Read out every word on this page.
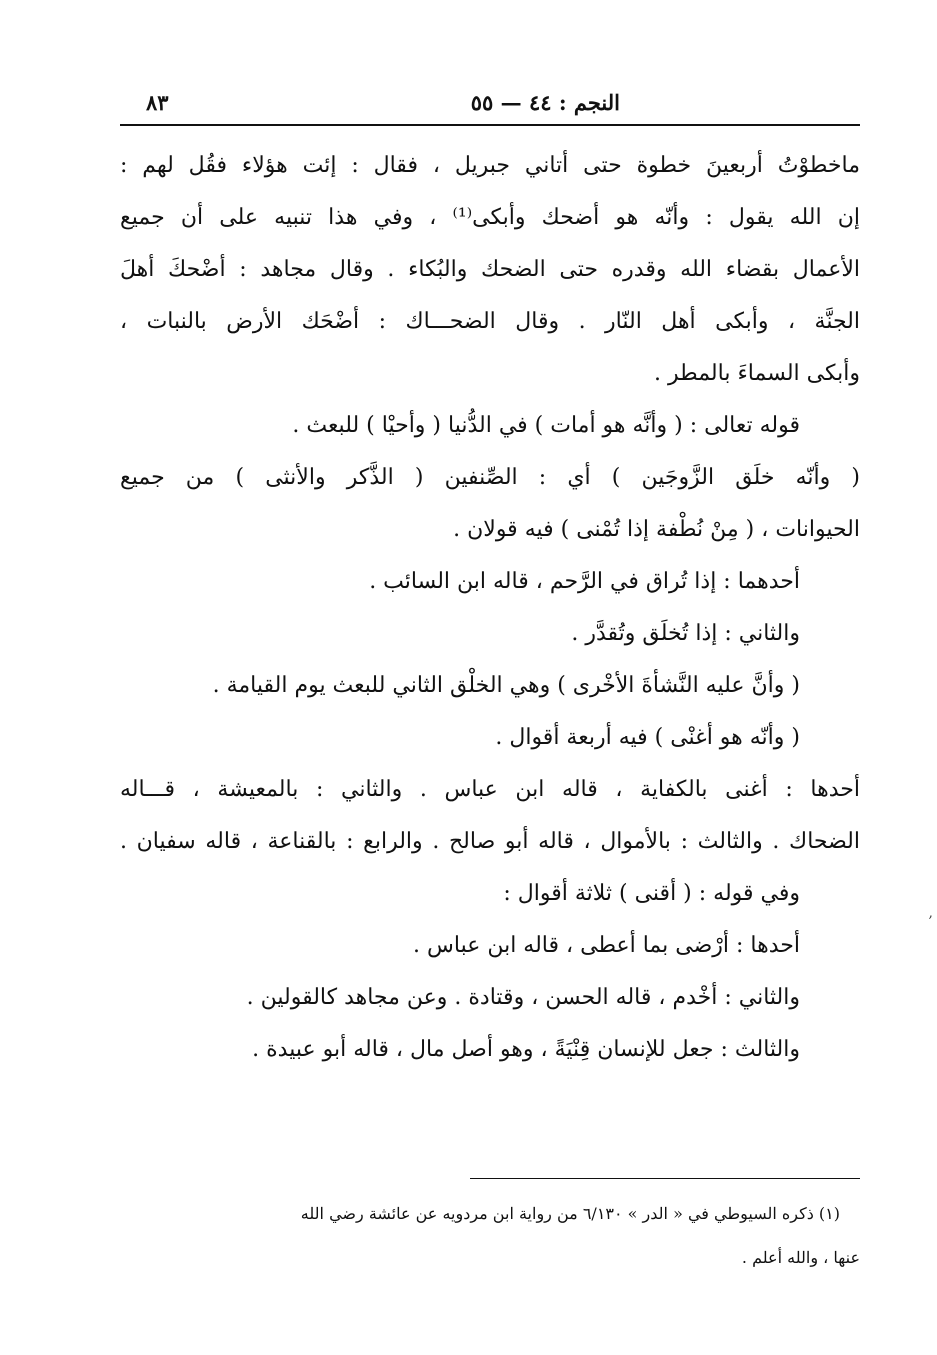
النجم : ٤٤ — ٥٥
٨٣
ماخطوْتُ أربعينَ خطوة حتى أتاني جبريل ، فقال : إئت هؤلاء فقُل لهم :
إن الله يقول : وأنّه هو أضحك وأبكى⁽¹⁾ ، وفي هذا تنبيه على أن جميع
الأعمال بقضاء الله وقدره حتى الضحك والبُكاء . وقال مجاهد : أضْحكَ أهلَ
الجنَّة ، وأبكى أهل النّار . وقال الضحـــاك : أضْحَك الأرض بالنبات ،
وأبكى السماءَ بالمطر .
قوله تعالى : ( وأنَّه هو أمات ) في الدُّنيا ( وأحيْا ) للبعث .
( وأنّه خلَق الزَّوجَين ) أي : الصِّنفين ( الذَّكر والأنثى ) من جميع
الحيوانات ، ( مِنْ نُطْفة إذا تُمْنى ) فيه قولان .
أحدهما : إذا تُراق في الرَّحم ، قاله ابن السائب .
والثاني : إذا تُخلَق وتُقدَّر .
( وأنَّ عليه النَّشأةَ الأخْرى ) وهي الخلْق الثاني للبعث يوم القيامة .
( وأنّه هو أغنْى ) فيه أربعة أقوال .
أحدها : أغنى بالكفاية ، قاله ابن عباس . والثاني : بالمعيشة ، قـــاله
الضحاك . والثالث : بالأموال ، قاله أبو صالح . والرابع : بالقناعة ، قاله سفيان .
وفي قوله : ( أقنى ) ثلاثة أقوال :
أحدها : أرْضى بما أعطى ، قاله ابن عباس .
والثاني : أخْدم ، قاله الحسن ، وقتادة . وعن مجاهد كالقولين .
والثالث : جعل للإنسان قِنْيَةً ، وهو أصل مال ، قاله أبو عبيدة .
(١) ذكره السيوطي في « الدر » ٦/١٣٠ من رواية ابن مردويه عن عائشة رضي الله
عنها ، والله أعلم .
,
